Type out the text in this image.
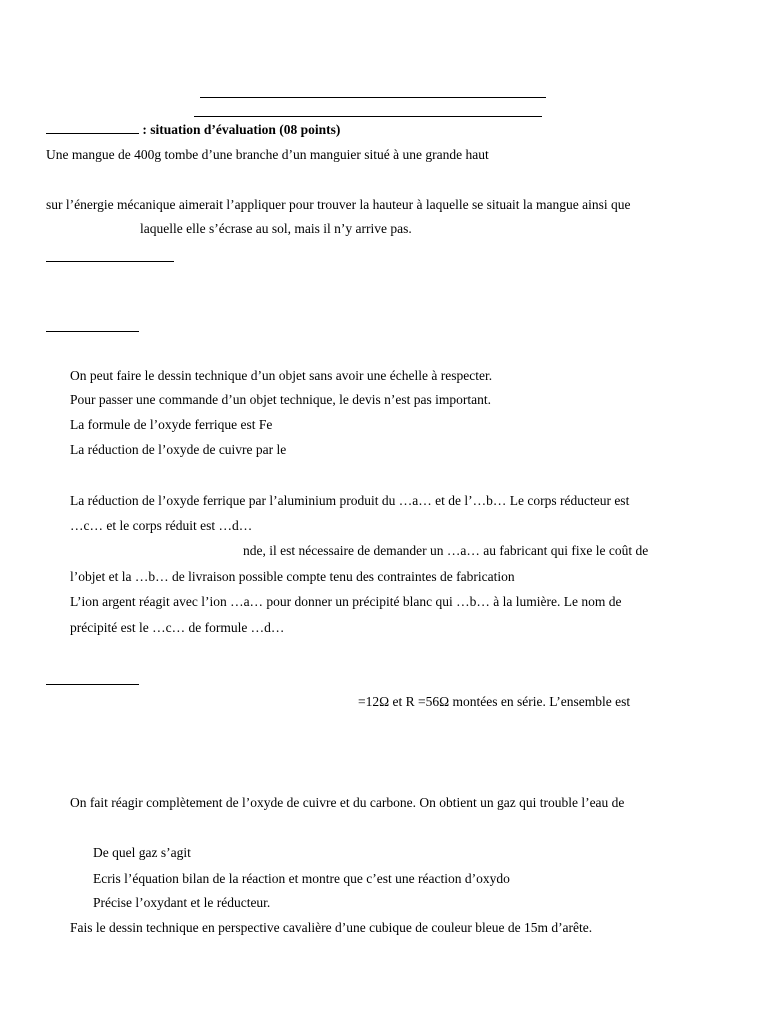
: situation d’évaluation (08 points)
Une mangue de 400g tombe d’une branche d’un manguier situé à une grande haut
sur l’énergie mécanique aimerait l’appliquer pour trouver la hauteur à laquelle se situait la mangue ainsi que
laquelle elle s’écrase au sol, mais il n’y arrive pas.
On peut faire le dessin technique d’un objet sans avoir une échelle à respecter.
Pour passer une commande d’un objet technique, le devis n’est pas important.
La formule de l’oxyde ferrique est Fe
La réduction de l’oxyde de cuivre par le
La réduction de l’oxyde ferrique par l’aluminium produit du …a… et de l’…b… Le corps réducteur est
…c… et le corps réduit est …d…
nde, il est nécessaire de demander un …a… au fabricant qui fixe le coût de
l’objet et la …b… de livraison possible compte tenu des contraintes de fabrication
L’ion argent réagit avec l’ion …a… pour donner un précipité blanc qui …b… à la lumière. Le nom de
précipité est le …c… de formule …d…
=12Ω et R =56Ω montées en série. L’ensemble est
On fait réagir complètement de l’oxyde de cuivre et du carbone. On obtient un gaz qui trouble l’eau de
De quel gaz s’agit
Ecris l’équation bilan de la réaction et montre que c’est une réaction d’oxydo
Précise l’oxydant et le réducteur.
Fais le dessin technique en perspective cavalière d’une cubique de couleur bleue de 15m d’arête.
